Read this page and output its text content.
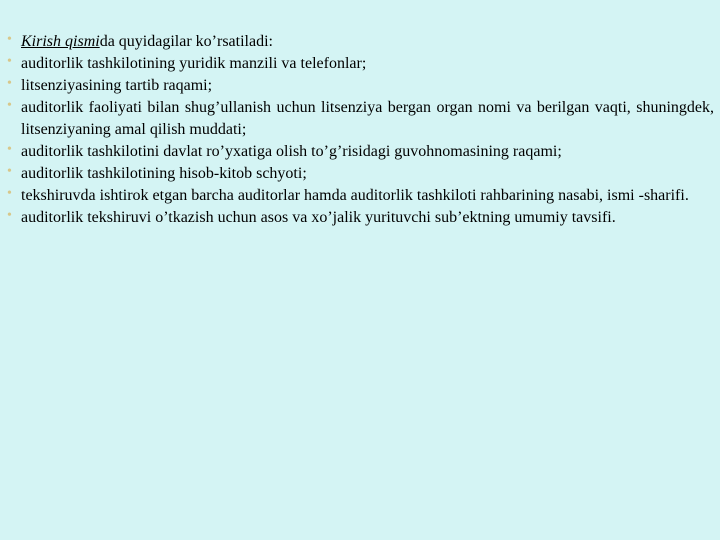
• Kirish qismida quyidagilar ko’rsatiladi:
• auditorlik tashkilotining yuridik manzili va telefonlar;
• litsenziyasining tartib raqami;
• auditorlik faoliyati bilan shug’ullanish uchun litsenziya bergan organ nomi va berilgan vaqti, shuningdek, litsenziyaning amal qilish muddati;
• auditorlik tashkilotini davlat ro’yxatiga olish to’g’risidagi guvohnomasining raqami;
• auditorlik tashkilotining hisob-kitob schyoti;
• tekshiruvda ishtirok etgan barcha auditorlar hamda auditorlik tashkiloti rahbarining nasabi, ismi -sharifi.
• auditorlik tekshiruvi o’tkazish uchun asos va xo’jalik yurituvchi sub’ektning umumiy tavsifi.
